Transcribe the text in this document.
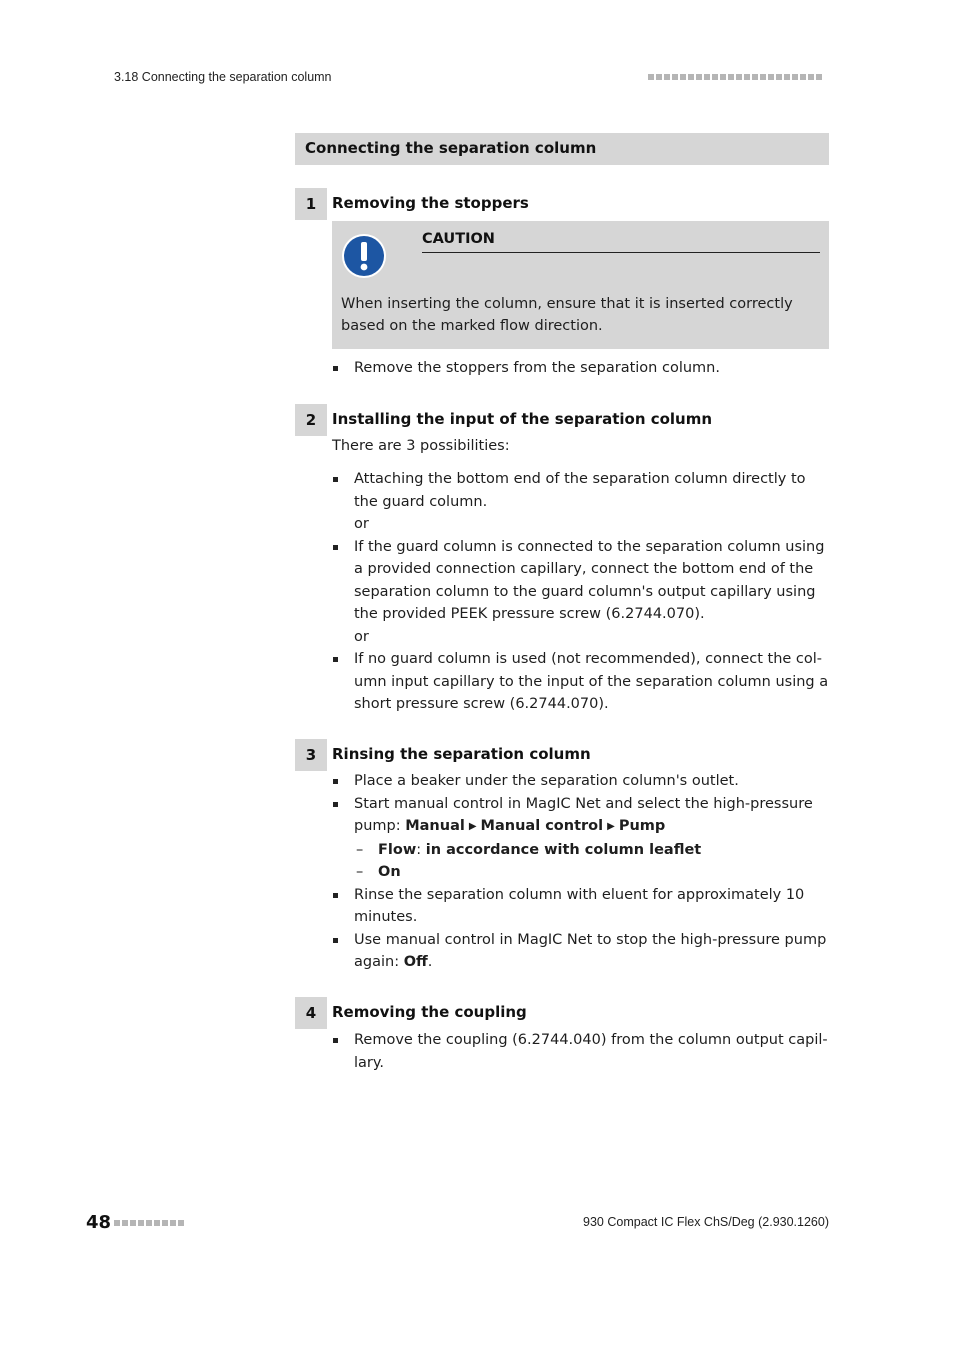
3.18 Connecting the separation column
Connecting the separation column
1	Removing the stoppers
CAUTION
When inserting the column, ensure that it is inserted correctly based on the marked flow direction.
Remove the stoppers from the separation column.
2	Installing the input of the separation column
There are 3 possibilities:
Attaching the bottom end of the separation column directly to the guard column.
or
If the guard column is connected to the separation column using a provided connection capillary, connect the bottom end of the separation column to the guard column's output capillary using the provided PEEK pressure screw (6.2744.070).
or
If no guard column is used (not recommended), connect the col-umn input capillary to the input of the separation column using a short pressure screw (6.2744.070).
3	Rinsing the separation column
Place a beaker under the separation column's outlet.
Start manual control in MagIC Net and select the high-pressure pump: Manual ▶ Manual control ▶ Pump
– Flow: in accordance with column leaflet
– On
Rinse the separation column with eluent for approximately 10 minutes.
Use manual control in MagIC Net to stop the high-pressure pump again: Off.
4	Removing the coupling
Remove the coupling (6.2744.040) from the column output capil-lary.
48	930 Compact IC Flex ChS/Deg (2.930.1260)
